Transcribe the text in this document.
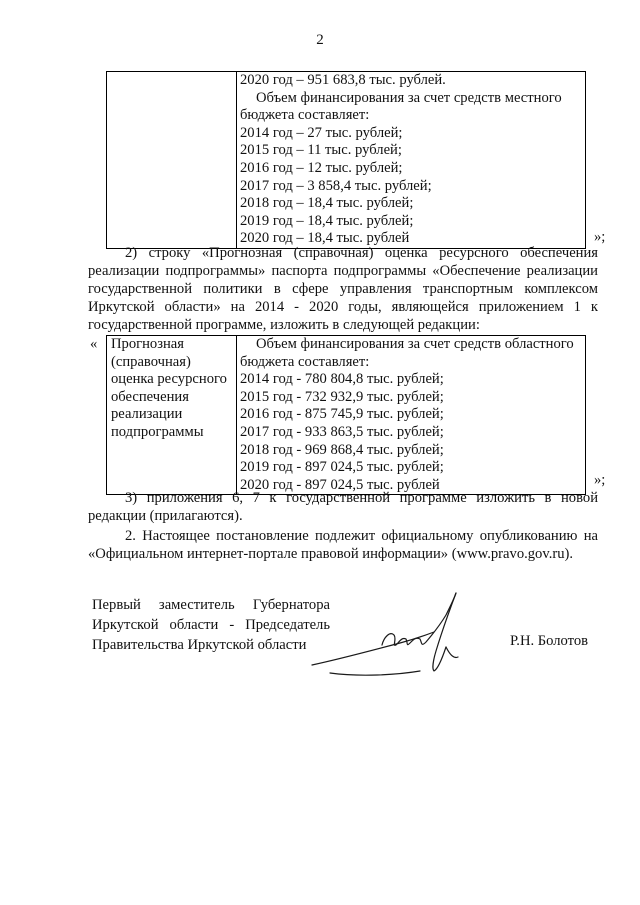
2

2020 год – 951 683,8 тыс. рублей.
Объем финансирования за счет средств местного
бюджета составляет:
2014 год – 27 тыс. рублей;
2015 год – 11 тыс. рублей;
2016 год – 12 тыс. рублей;
2017 год – 3 858,4 тыс. рублей;
2018 год – 18,4 тыс. рублей;
2019 год – 18,4 тыс. рублей;
2020 год – 18,4 тыс. рублей	»;
2) строку «Прогнозная (справочная) оценка ресурсного обеспечения
реализации подпрограммы» паспорта подпрограммы «Обеспечение реализации
государственной политики в сфере управления транспортным комплексом
Иркутской области» на 2014 - 2020 годы, являющейся приложением 1 к
государственной программе, изложить в следующей редакции:
« Прогнозная
(справочная)
оценка ресурсного
обеспечения
реализации
подпрограммы

Объем финансирования за счет средств областного
бюджета составляет:
2014 год - 780 804,8 тыс. рублей;
2015 год - 732 932,9 тыс. рублей;
2016 год - 875 745,9 тыс. рублей;
2017 год - 933 863,5 тыс. рублей;
2018 год - 969 868,4 тыс. рублей;
2019 год - 897 024,5 тыс. рублей;
2020 год - 897 024,5 тыс. рублей	»;
3) приложения 6, 7 к государственной программе изложить в новой
редакции (прилагаются).
2. Настоящее постановление подлежит официальному опубликованию на
«Официальном интернет-портале правовой информации» (www.pravo.gov.ru).
Первый заместитель Губернатора
Иркутской области - Председатель
Правительства Иркутской области	Р.Н. Болотов
